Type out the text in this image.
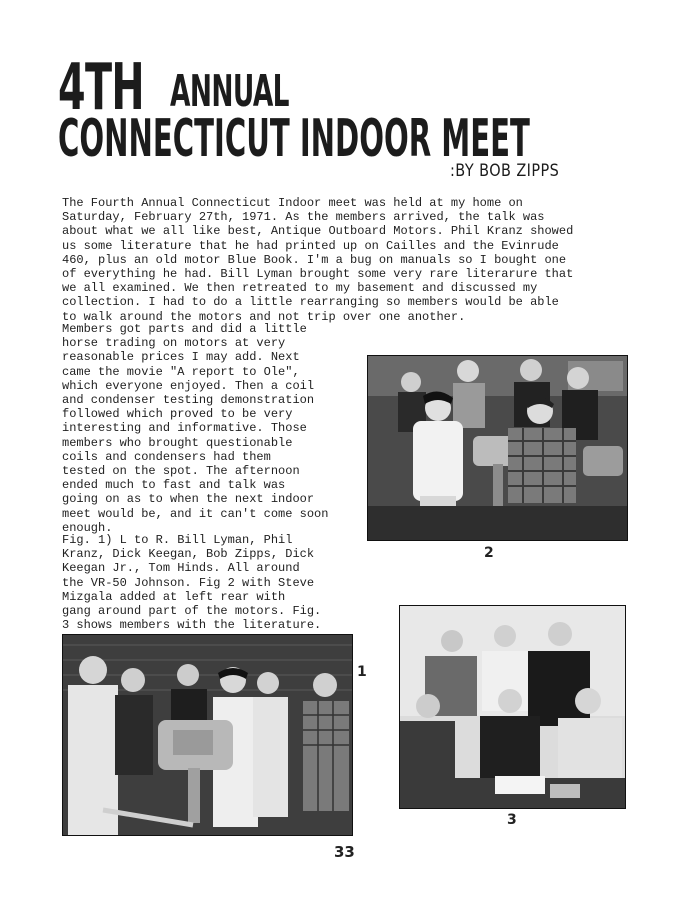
4TH ANNUAL
CONNECTICUT INDOOR MEET
:BY BOB ZIPPS
The Fourth Annual Connecticut Indoor meet was held at my home on
Saturday, February 27th, 1971. As the members arrived, the talk was
about what we all like best, Antique Outboard Motors. Phil Kranz showed
us some literature that he had printed up on Cailles and the Evinrude
460, plus an old motor Blue Book. I'm a bug on manuals so I bought one
of everything he had. Bill Lyman brought some very rare literarure that
we all examined. We then retreated to my basement and discussed my
collection. I had to do a little rearranging so members would be able
to walk around the motors and not trip over one another.
Members got parts and did a little
horse trading on motors at very
reasonable prices I may add. Next
came the movie "A report to Ole",
which everyone enjoyed. Then a coil
and condenser testing demonstration
followed which proved to be very
interesting and informative. Those
members who brought questionable
coils and condensers had them
tested on the spot. The afternoon
ended much to fast and talk was
going on as to when the next indoor
meet would be, and it can't come soon
enough.
Fig. 1) L to R. Bill Lyman, Phil
Kranz, Dick Keegan, Bob Zipps, Dick
Keegan Jr., Tom Hinds. All around
the VR-50 Johnson. Fig 2 with Steve
Mizgala added at left rear with
gang around part of the motors. Fig.
3 shows members with the literature.
2
1
3
33
